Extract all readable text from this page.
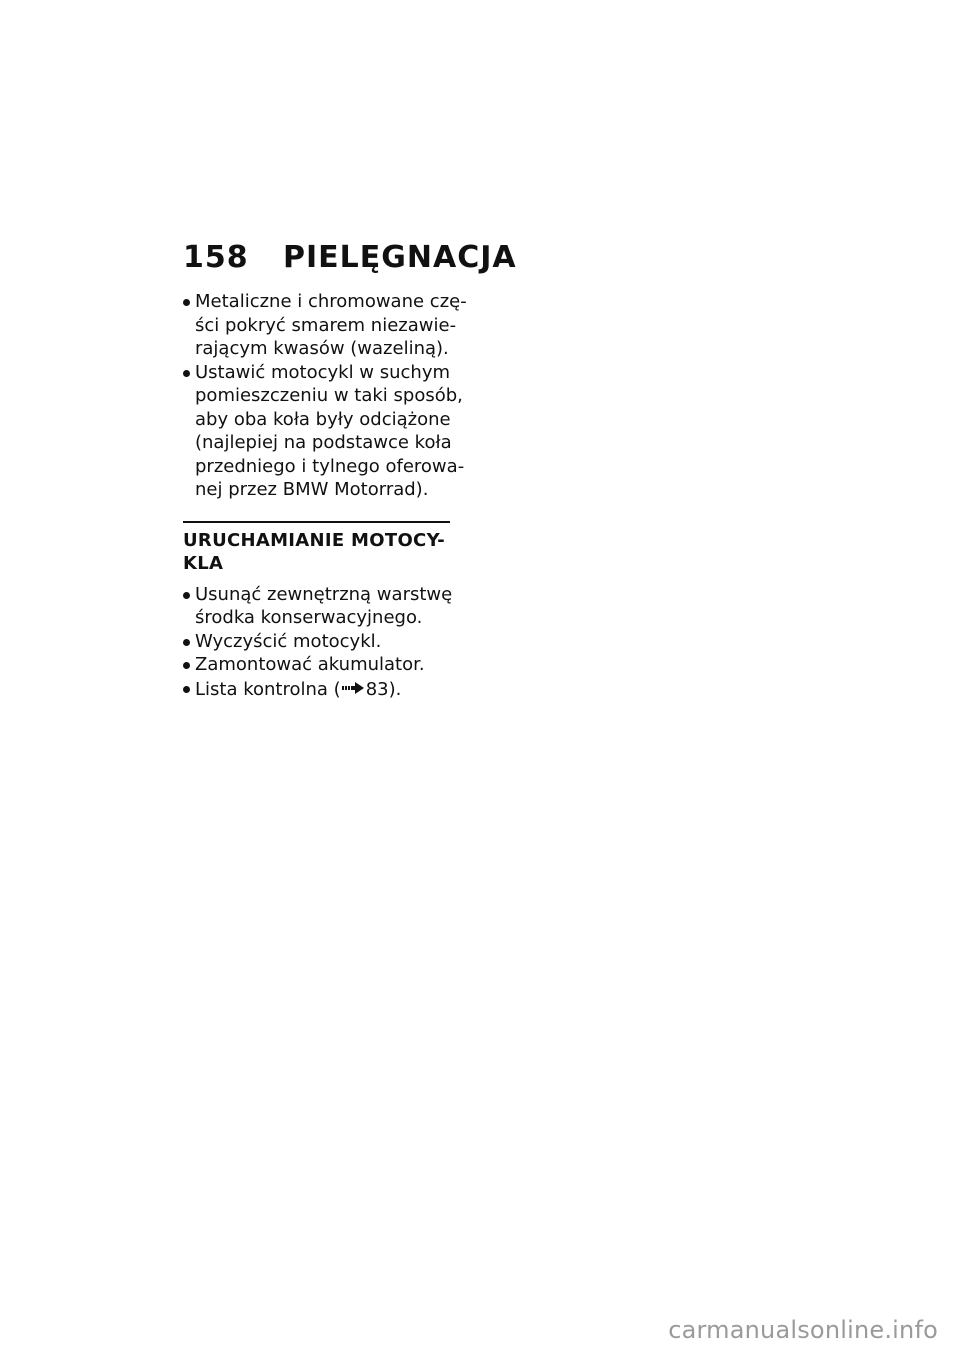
158 PIELĘGNACJA
Metaliczne i chromowane czę-
ści pokryć smarem niezawie-
rającym kwasów (wazeliną).
Ustawić motocykl w suchym
pomieszczeniu w taki sposób,
aby oba koła były odciążone
(najlepiej na podstawce koła
przedniego i tylnego oferowa-
nej przez BMW Motorrad).
URUCHAMIANIE MOTOCY-
KLA
Usunąć zewnętrzną warstwę
środka konserwacyjnego.
Wyczyścić motocykl.
Zamontować akumulator.
Lista kontrolna ( 83).
carmanualsonline.info
